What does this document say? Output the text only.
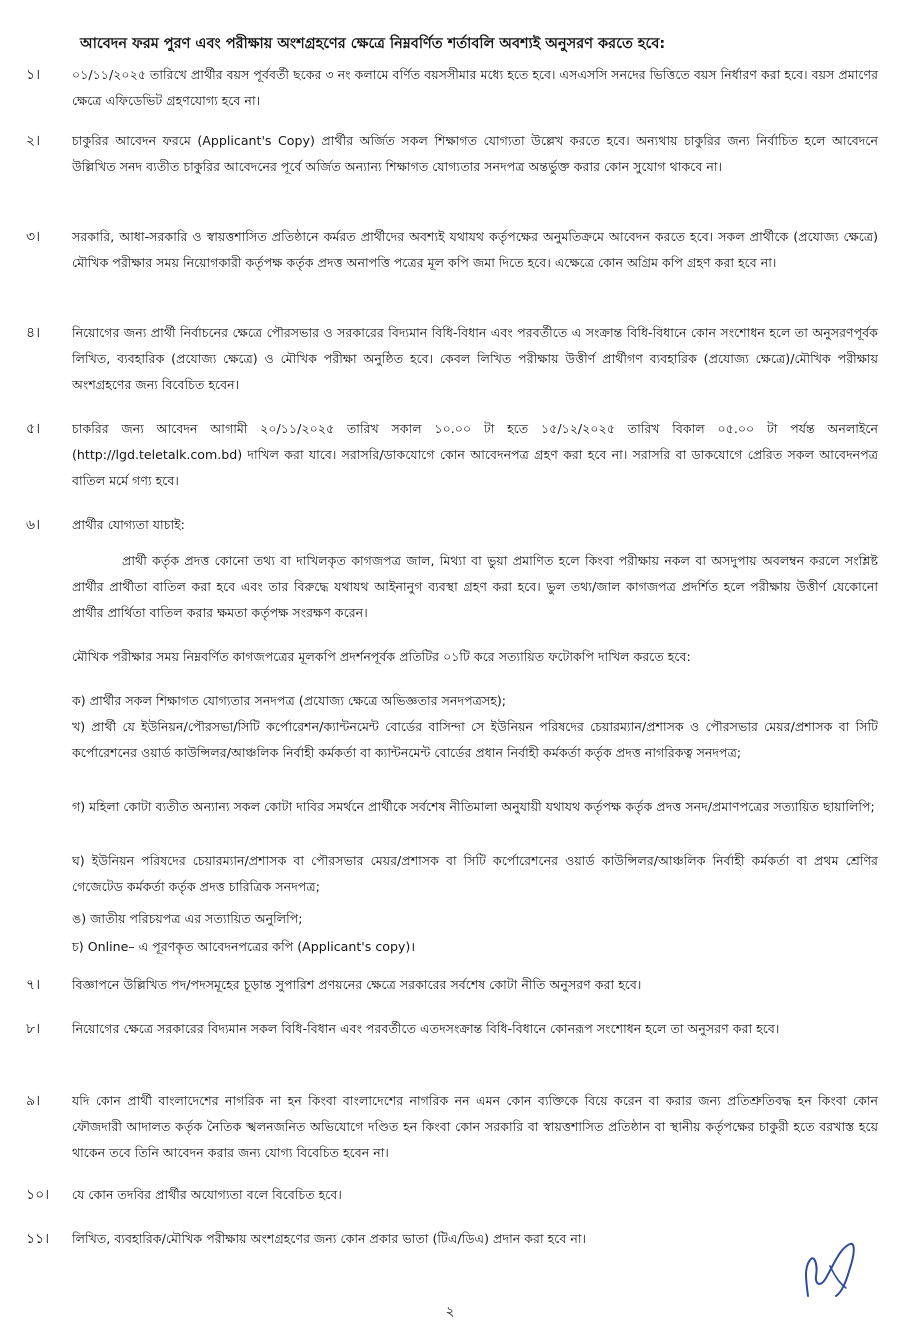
আবেদন ফরম পুরণ এবং পরীক্ষায় অংশগ্রহণের ক্ষেত্রে নিম্নবর্ণিত শর্তাবলি অবশ্যই অনুসরণ করতে হবে:
১।	০১/১১/২০২৫ তারিখে প্রার্থীর বয়স পূর্ববর্তী ছকের ৩ নং কলামে বর্ণিত বয়সসীমার মধ্যে হতে হবে। এসএসসি সনদের ভিত্তিতে বয়স নির্ধারণ করা হবে। বয়স প্রমাণের ক্ষেত্রে এফিডেভিট গ্রহণযোগ্য হবে না।
২।	চাকুরির আবেদন ফরমে (Applicant's Copy) প্রার্থীর অর্জিত সকল শিক্ষাগত যোগ্যতা উল্লেখ করতে হবে। অন্যথায় চাকুরির জন্য নির্বাচিত হলে আবেদনে উল্লিখিত সনদ ব্যতীত চাকুরির আবেদনের পূর্বে অর্জিত অন্যান্য শিক্ষাগত যোগ্যতার সনদপত্র অন্তর্ভুক্ত করার কোন সুযোগ থাকবে না।
৩।	সরকারি, আধা-সরকারি ও স্বায়ত্তশাসিত প্রতিষ্ঠানে কর্মরত প্রার্থীদের অবশ্যই যথাযথ কর্তৃপক্ষের অনুমতিক্রমে আবেদন করতে হবে। সকল প্রার্থীকে (প্রযোজ্য ক্ষেত্রে) মৌখিক পরীক্ষার সময় নিয়োগকারী কর্তৃপক্ষ কর্তৃক প্রদত্ত অনাপত্তি পত্রের মূল কপি জমা দিতে হবে। এক্ষেত্রে কোন অগ্রিম কপি গ্রহণ করা হবে না।
৪।	নিয়োগের জন্য প্রার্থী নির্বাচনের ক্ষেত্রে পৌরসভার ও সরকারের বিদ্যমান বিধি-বিধান এবং পরবর্তীতে এ সংক্রান্ত বিধি-বিধানে কোন সংশোধন হলে তা অনুসরণপূর্বক লিখিত, ব্যবহারিক (প্রযোজ্য ক্ষেত্রে) ও মৌখিক পরীক্ষা অনুষ্ঠিত হবে। কেবল লিখিত পরীক্ষায় উত্তীর্ণ প্রার্থীগণ ব্যবহারিক (প্রযোজ্য ক্ষেত্রে)/মৌখিক পরীক্ষায় অংশগ্রহণের জন্য বিবেচিত হবেন।
৫।	চাকরির জন্য আবেদন আগামী ২০/১১/২০২৫ তারিখ সকাল ১০.০০ টা হতে ১৫/১২/২০২৫ তারিখ বিকাল ০৫.০০ টা পর্যন্ত অনলাইনে (http://lgd.teletalk.com.bd) দাখিল করা যাবে। সরাসরি/ডাকযোগে কোন আবেদনপত্র গ্রহণ করা হবে না। সরাসরি বা ডাকযোগে প্রেরিত সকল আবেদনপত্র বাতিল মর্মে গণ্য হবে।
৬।	প্রার্থীর যোগ্যতা যাচাই:
প্রার্থী কর্তৃক প্রদত্ত কোনো তথ্য বা দাখিলকৃত কাগজপত্র জাল, মিথ্যা বা ভুয়া প্রমাণিত হলে কিংবা পরীক্ষায় নকল বা অসদুপায় অবলম্বন করলে সংশ্লিষ্ট প্রার্থীর প্রার্থীতা বাতিল করা হবে এবং তার বিরুদ্ধে যথাযথ আইনানুগ ব্যবস্থা গ্রহণ করা হবে। ভুল তথ্য/জাল কাগজপত্র প্রদর্শিত হলে পরীক্ষায় উত্তীর্ণ যেকোনো প্রার্থীর প্রার্থিতা বাতিল করার ক্ষমতা কর্তৃপক্ষ সংরক্ষণ করেন।
মৌখিক পরীক্ষার সময় নিম্নবর্ণিত কাগজপত্রের মূলকপি প্রদর্শনপূর্বক প্রতিটির ০১টি করে সত্যায়িত ফটোকপি দাখিল করতে হবে:
ক) প্রার্থীর সকল শিক্ষাগত যোগ্যতার সনদপত্র (প্রযোজ্য ক্ষেত্রে অভিজ্ঞতার সনদপত্রসহ);
খ) প্রার্থী যে ইউনিয়ন/পৌরসভা/সিটি কর্পোরেশন/ক্যান্টনমেন্ট বোর্ডের বাসিন্দা সে ইউনিয়ন পরিষদের চেয়ারম্যান/প্রশাসক ও পৌরসভার মেয়র/প্রশাসক বা সিটি কর্পোরেশনের ওয়ার্ড কাউন্সিলর/আঞ্চলিক নির্বাহী কর্মকর্তা বা ক্যান্টনমেন্ট বোর্ডের প্রধান নির্বাহী কর্মকর্তা কর্তৃক প্রদত্ত নাগরিকত্ব সনদপত্র;
গ) মহিলা কোটা ব্যতীত অন্যান্য সকল কোটা দাবির সমর্থনে প্রার্থীকে সর্বশেষ নীতিমালা অনুযায়ী যথাযথ কর্তৃপক্ষ কর্তৃক প্রদত্ত সনদ/প্রমাণপত্রের সত্যায়িত ছায়ালিপি;
ঘ) ইউনিয়ন পরিষদের চেয়ারম্যান/প্রশাসক বা পৌরসভার মেয়র/প্রশাসক বা সিটি কর্পোরেশনের ওয়ার্ড কাউন্সিলর/আঞ্চলিক নির্বাহী কর্মকর্তা বা প্রথম শ্রেণির গেজেটেড কর্মকর্তা কর্তৃক প্রদত্ত চারিত্রিক সনদপত্র;
ঙ) জাতীয় পরিচয়পত্র এর সত্যায়িত অনুলিপি;
চ) Online– এ পূরণকৃত আবেদনপত্রের কপি (Applicant's copy)।
৭।	বিজ্ঞাপনে উল্লিখিত পদ/পদসমূহের চূড়ান্ত সুপারিশ প্রণয়নের ক্ষেত্রে সরকারের সর্বশেষ কোটা নীতি অনুসরণ করা হবে।
৮।	নিয়োগের ক্ষেত্রে সরকারের বিদ্যমান সকল বিধি-বিধান এবং পরবর্তীতে এতদসংক্রান্ত বিধি-বিধানে কোনরূপ সংশোধন হলে তা অনুসরণ করা হবে।
৯।	যদি কোন প্রার্থী বাংলাদেশের নাগরিক না হন কিংবা বাংলাদেশের নাগরিক নন এমন কোন ব্যক্তিকে বিয়ে করেন বা করার জন্য প্রতিশ্রুতিবদ্ধ হন কিংবা কোন ফৌজদারী আদালত কর্তৃক নৈতিক স্খলনজনিত অভিযোগে দণ্ডিত হন কিংবা কোন সরকারি বা স্বায়ত্তশাসিত প্রতিষ্ঠান বা স্থানীয় কর্তৃপক্ষের চাকুরী হতে বরখাস্ত হয়ে থাকেন তবে তিনি আবেদন করার জন্য যোগ্য বিবেচিত হবেন না।
১০।	যে কোন তদবির প্রার্থীর অযোগ্যতা বলে বিবেচিত হবে।
১১।	লিখিত, ব্যবহারিক/মৌখিক পরীক্ষায় অংশগ্রহণের জন্য কোন প্রকার ভাতা (টিএ/ডিএ) প্রদান করা হবে না।
২
